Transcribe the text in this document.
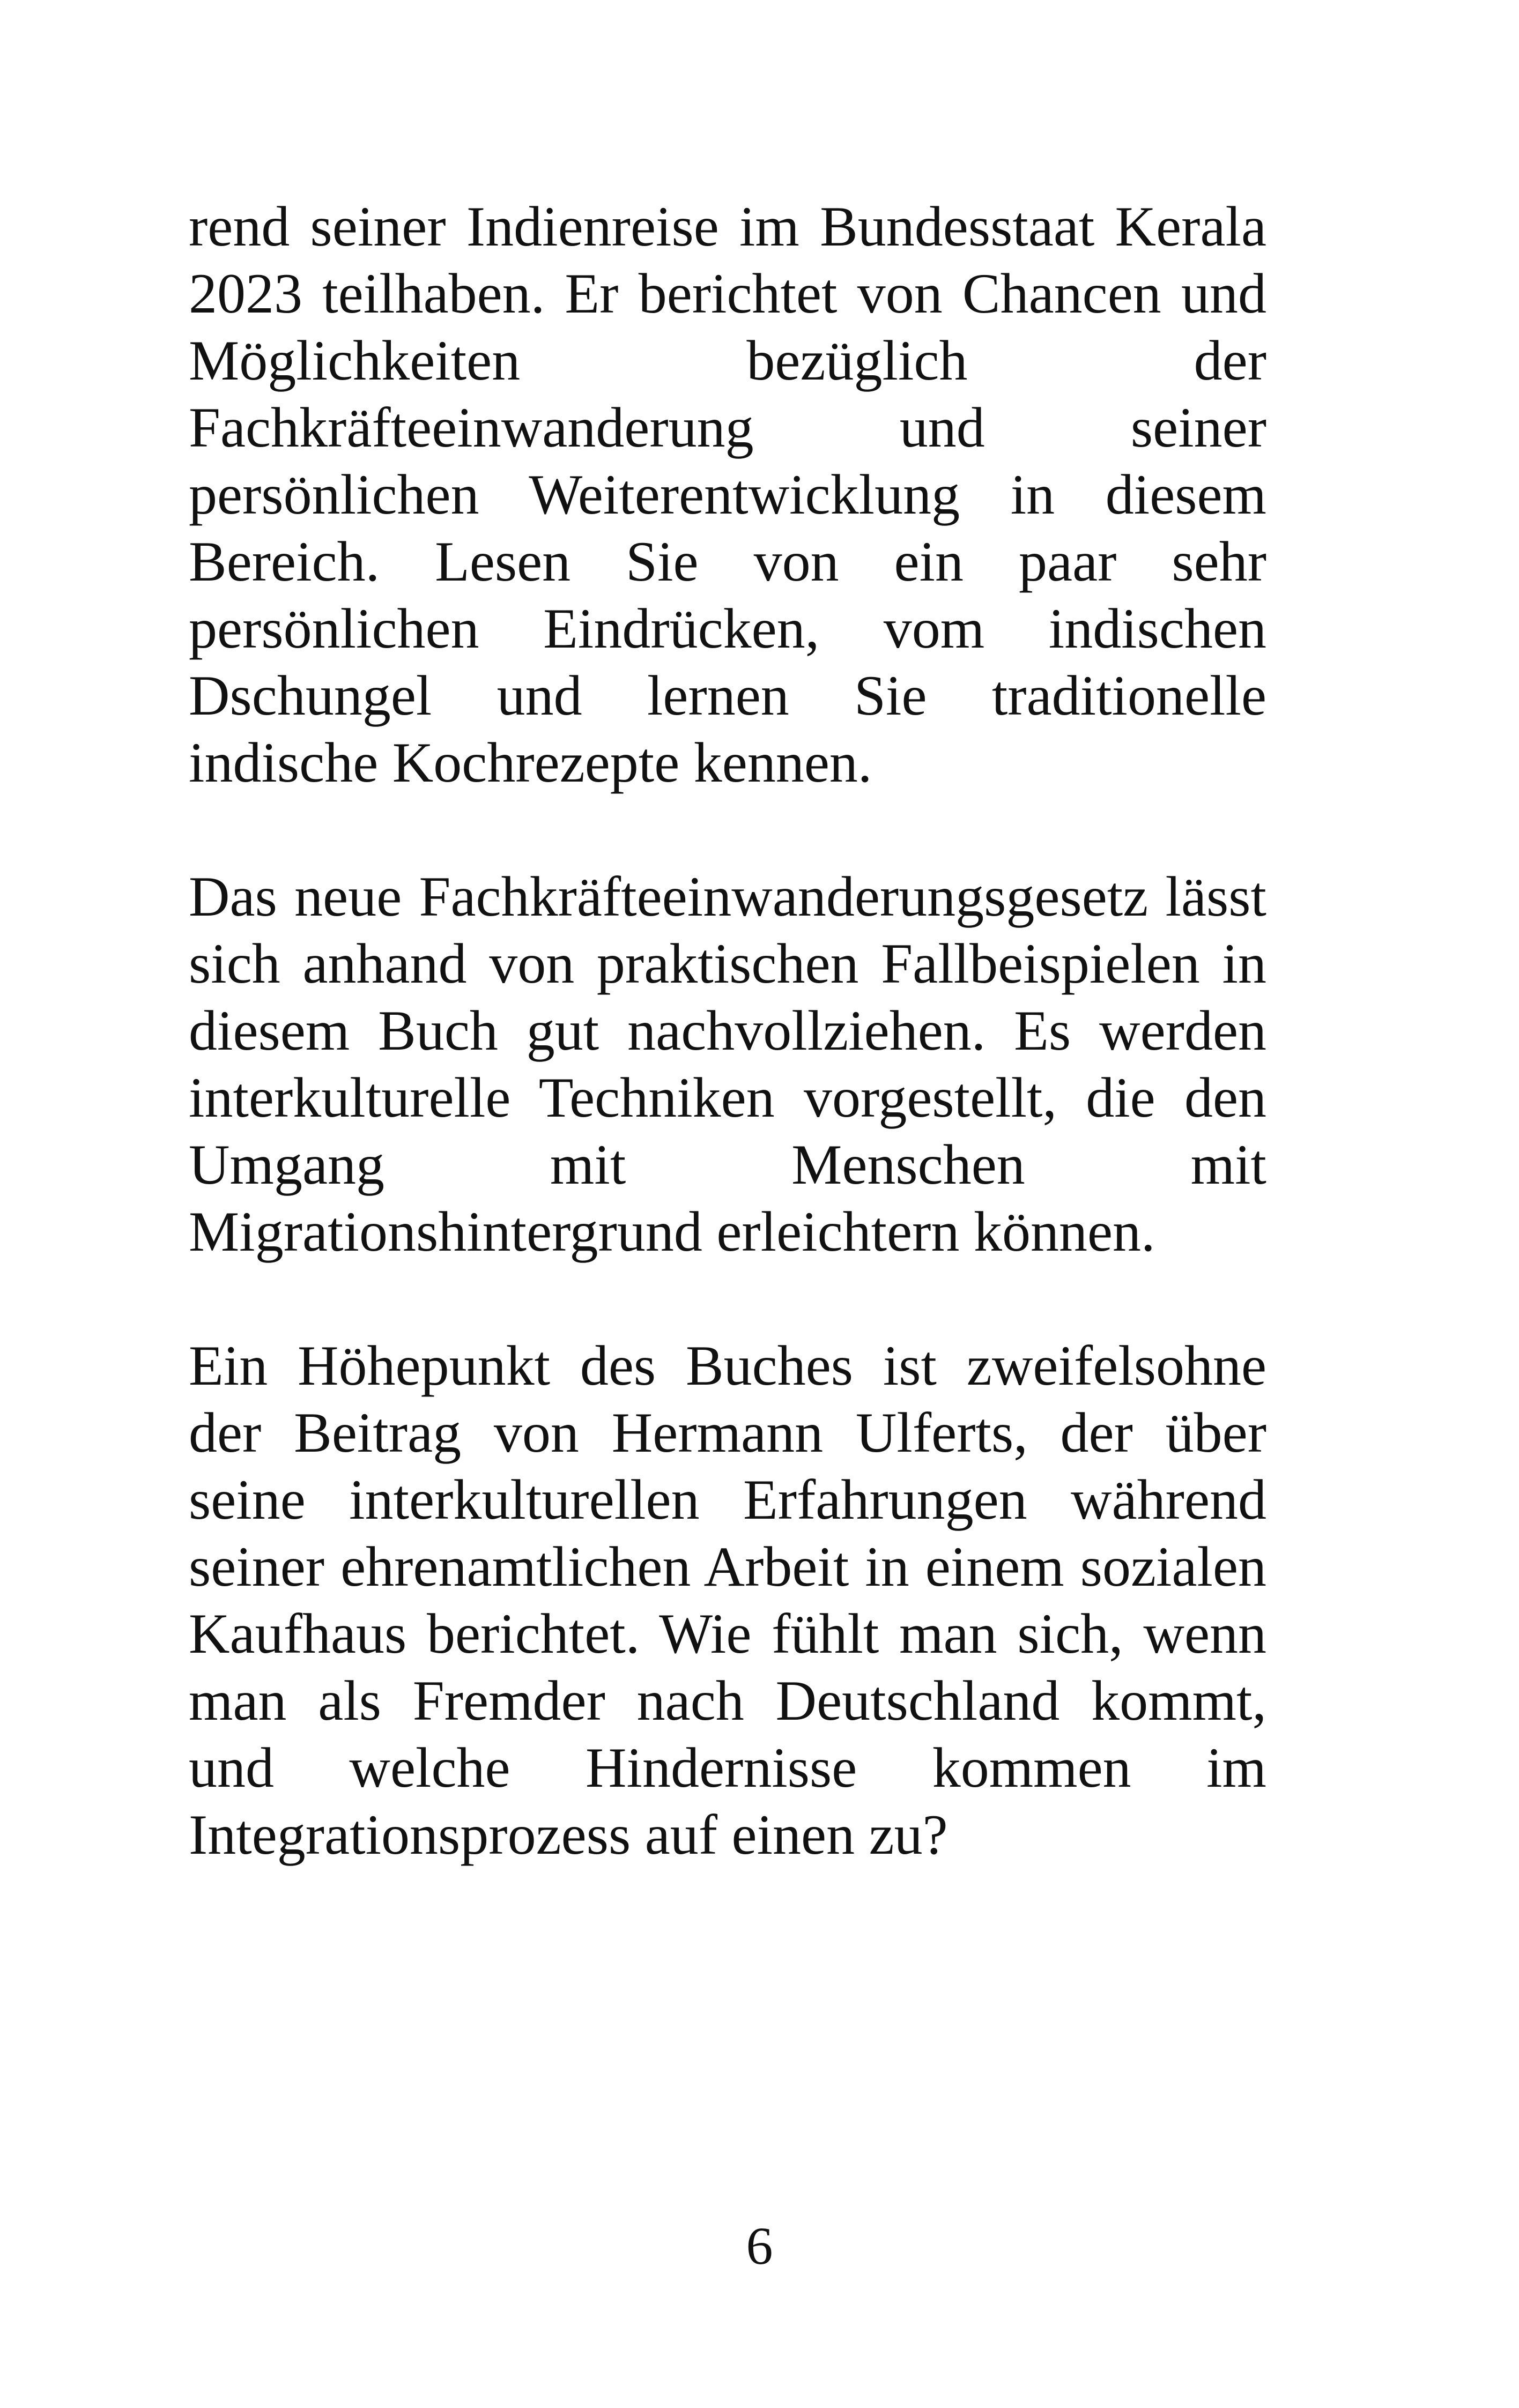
rend seiner Indienreise im Bundesstaat Kerala 2023 teilhaben. Er berichtet von Chancen und Möglichkeiten bezüglich der Fachkräfteeinwanderung und seiner persönlichen Weiterentwicklung in diesem Bereich. Lesen Sie von ein paar sehr persönlichen Eindrücken, vom indischen Dschungel und lernen Sie traditionelle indische Kochrezepte kennen.

Das neue Fachkräfteeinwanderungsgesetz lässt sich anhand von praktischen Fallbeispielen in diesem Buch gut nachvollziehen. Es werden interkulturelle Techniken vorgestellt, die den Umgang mit Menschen mit Migrationshintergrund erleichtern können.

Ein Höhepunkt des Buches ist zweifelsohne der Beitrag von Hermann Ulferts, der über seine interkulturellen Erfahrungen während seiner ehrenamtlichen Arbeit in einem sozialen Kaufhaus berichtet. Wie fühlt man sich, wenn man als Fremder nach Deutschland kommt, und welche Hindernisse kommen im Integrationsprozess auf einen zu?

6
